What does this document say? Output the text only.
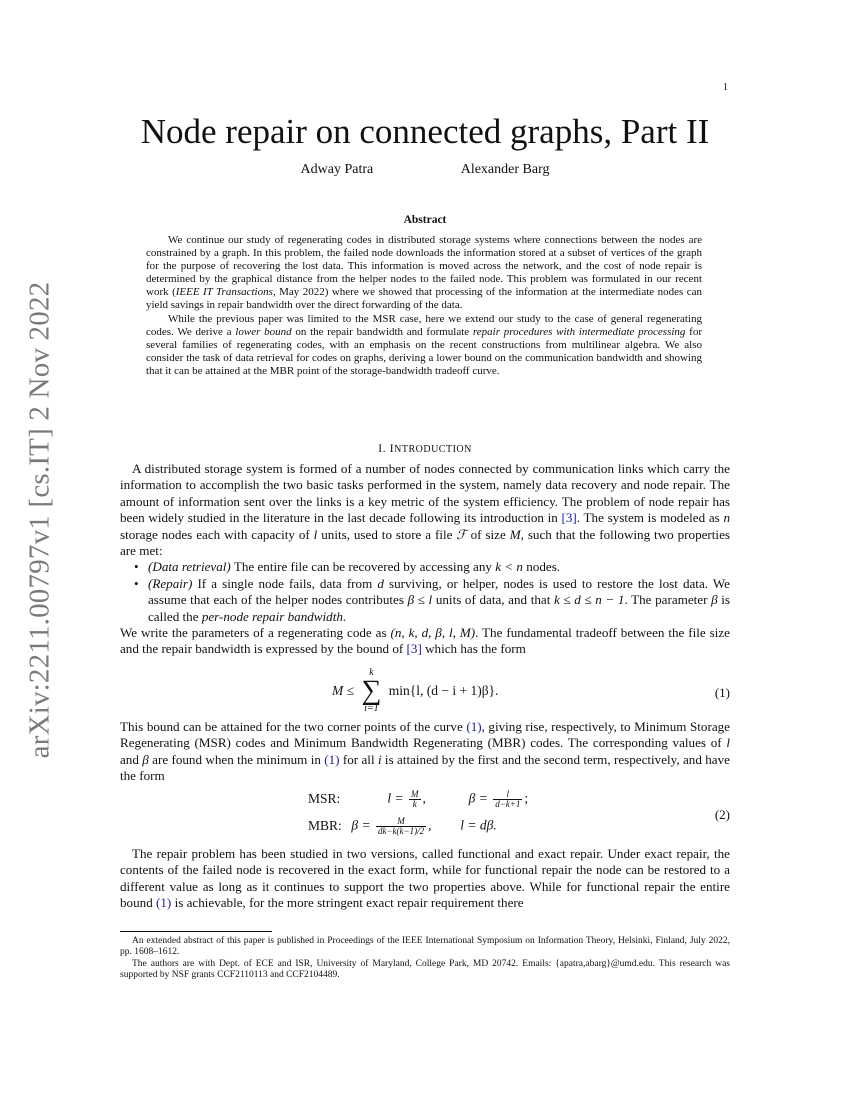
1
arXiv:2211.00797v1 [cs.IT] 2 Nov 2022
Node repair on connected graphs, Part II
Adway Patra	Alexander Barg
Abstract

We continue our study of regenerating codes in distributed storage systems where connections between the nodes are constrained by a graph. In this problem, the failed node downloads the information stored at a subset of vertices of the graph for the purpose of recovering the lost data. This information is moved across the network, and the cost of node repair is determined by the graphical distance from the helper nodes to the failed node. This problem was formulated in our recent work (IEEE IT Transactions, May 2022) where we showed that processing of the information at the intermediate nodes can yield savings in repair bandwidth over the direct forwarding of the data.

While the previous paper was limited to the MSR case, here we extend our study to the case of general regenerating codes. We derive a lower bound on the repair bandwidth and formulate repair procedures with intermediate processing for several families of regenerating codes, with an emphasis on the recent constructions from multilinear algebra. We also consider the task of data retrieval for codes on graphs, deriving a lower bound on the communication bandwidth and showing that it can be attained at the MBR point of the storage-bandwidth tradeoff curve.

I. INTRODUCTION

A distributed storage system is formed of a number of nodes connected by communication links which carry the information to accomplish the two basic tasks performed in the system, namely data recovery and node repair. The amount of information sent over the links is a key metric of the system efficiency. The problem of node repair has been widely studied in the literature in the last decade following its introduction in [3]. The system is modeled as n storage nodes each with capacity of l units, used to store a file ℱ of size M, such that the following two properties are met:

• (Data retrieval) The entire file can be recovered by accessing any k < n nodes.
• (Repair) If a single node fails, data from d surviving, or helper, nodes is used to restore the lost data. We assume that each of the helper nodes contributes β ≤ l units of data, and that k ≤ d ≤ n − 1. The parameter β is called the per-node repair bandwidth.

We write the parameters of a regenerating code as (n, k, d, β, l, M). The fundamental tradeoff between the file size and the repair bandwidth is expressed by the bound of [3] which has the form

M ≤ k
∑
i=1 min{l, (d − i + 1)β}.	(1)

This bound can be attained for the two corner points of the curve (1), giving rise, respectively, to Minimum Storage Regenerating (MSR) codes and Minimum Bandwidth Regenerating (MBR) codes. The corresponding values of l and β are found when the minimum in (1) for all i is attained by the first and the second term, respectively, and have the form

MSR:	$l = \frac{M}{k}$ ,	$\beta = \frac{l}{d-k+1}$ ;
MBR: $\beta = \frac{M}{dk-k(k-1)/2}$ ,  l = dβ.
(2)

The repair problem has been studied in two versions, called functional and exact repair. Under exact repair, the contents of the failed node is recovered in the exact form, while for functional repair the node can be restored to a different value as long as it continues to support the two properties above. While for functional repair the entire bound (1) is achievable, for the more stringent exact repair requirement there

An extended abstract of this paper is published in Proceedings of the IEEE International Symposium on Information Theory, Helsinki, Finland, July 2022, pp. 1608–1612.

The authors are with Dept. of ECE and ISR, University of Maryland, College Park, MD 20742. Emails: {apatra,abarg}@umd.edu. This research was supported by NSF grants CCF2110113 and CCF2104489.
